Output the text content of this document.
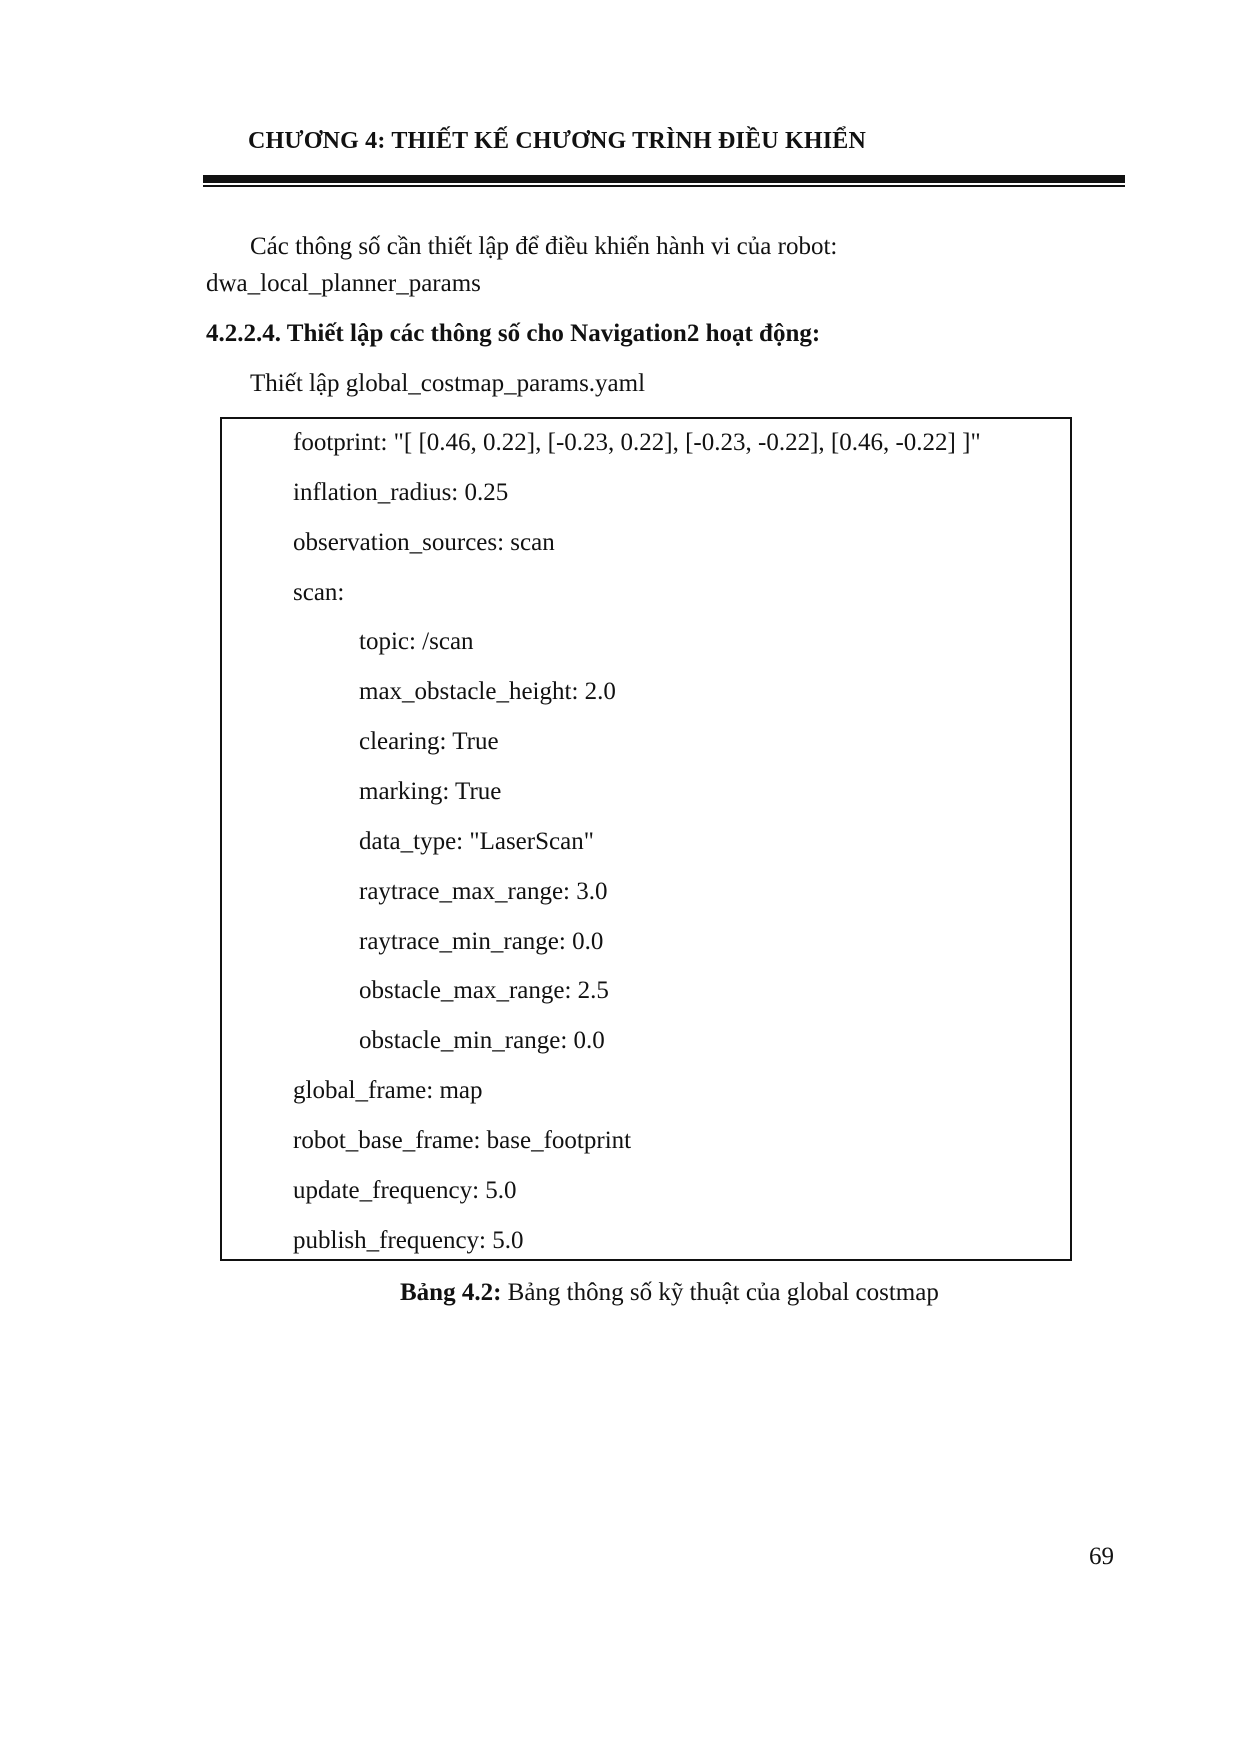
CHƯƠNG 4: THIẾT KẾ CHƯƠNG TRÌNH ĐIỀU KHIỂN
Các thông số cần thiết lập để điều khiển hành vi của robot:
dwa_local_planner_params
4.2.2.4. Thiết lập các thông số cho Navigation2 hoạt động:
Thiết lập global_costmap_params.yaml
footprint: "[ [0.46, 0.22], [-0.23, 0.22], [-0.23, -0.22], [0.46, -0.22] ]"
inflation_radius: 0.25
observation_sources: scan
scan:
topic: /scan
max_obstacle_height: 2.0
clearing: True
marking: True
data_type: "LaserScan"
raytrace_max_range: 3.0
raytrace_min_range: 0.0
obstacle_max_range: 2.5
obstacle_min_range: 0.0
global_frame: map
robot_base_frame: base_footprint
update_frequency: 5.0
publish_frequency: 5.0
Bảng 4.2: Bảng thông số kỹ thuật của global costmap
69
